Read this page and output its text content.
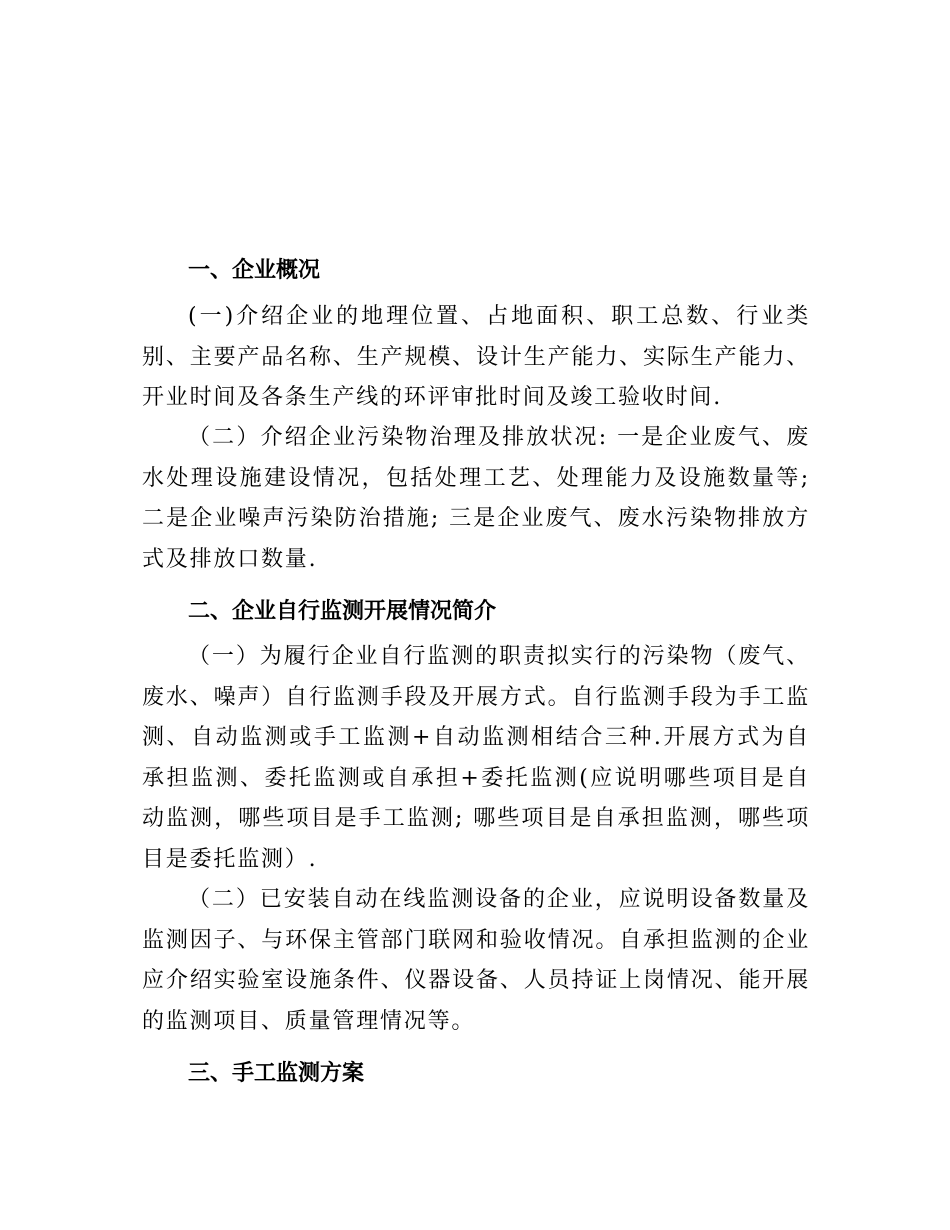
一、企业概况

(一)介绍企业的地理位置、占地面积、职工总数、行业类别、主要产品名称、生产规模、设计生产能力、实际生产能力、开业时间及各条生产线的环评审批时间及竣工验收时间.

（二）介绍企业污染物治理及排放状况: 一是企业废气、废水处理设施建设情况，包括处理工艺、处理能力及设施数量等;二是企业噪声污染防治措施; 三是企业废气、废水污染物排放方式及排放口数量.

二、企业自行监测开展情况简介

（一）为履行企业自行监测的职责拟实行的污染物（废气、废水、噪声）自行监测手段及开展方式。自行监测手段为手工监测、自动监测或手工监测+自动监测相结合三种.开展方式为自承担监测、委托监测或自承担+委托监测(应说明哪些项目是自动监测，哪些项目是手工监测; 哪些项目是自承担监测，哪些项目是委托监测）.

（二）已安装自动在线监测设备的企业，应说明设备数量及监测因子、与环保主管部门联网和验收情况。自承担监测的企业应介绍实验室设施条件、仪器设备、人员持证上岗情况、能开展的监测项目、质量管理情况等。

三、手工监测方案
